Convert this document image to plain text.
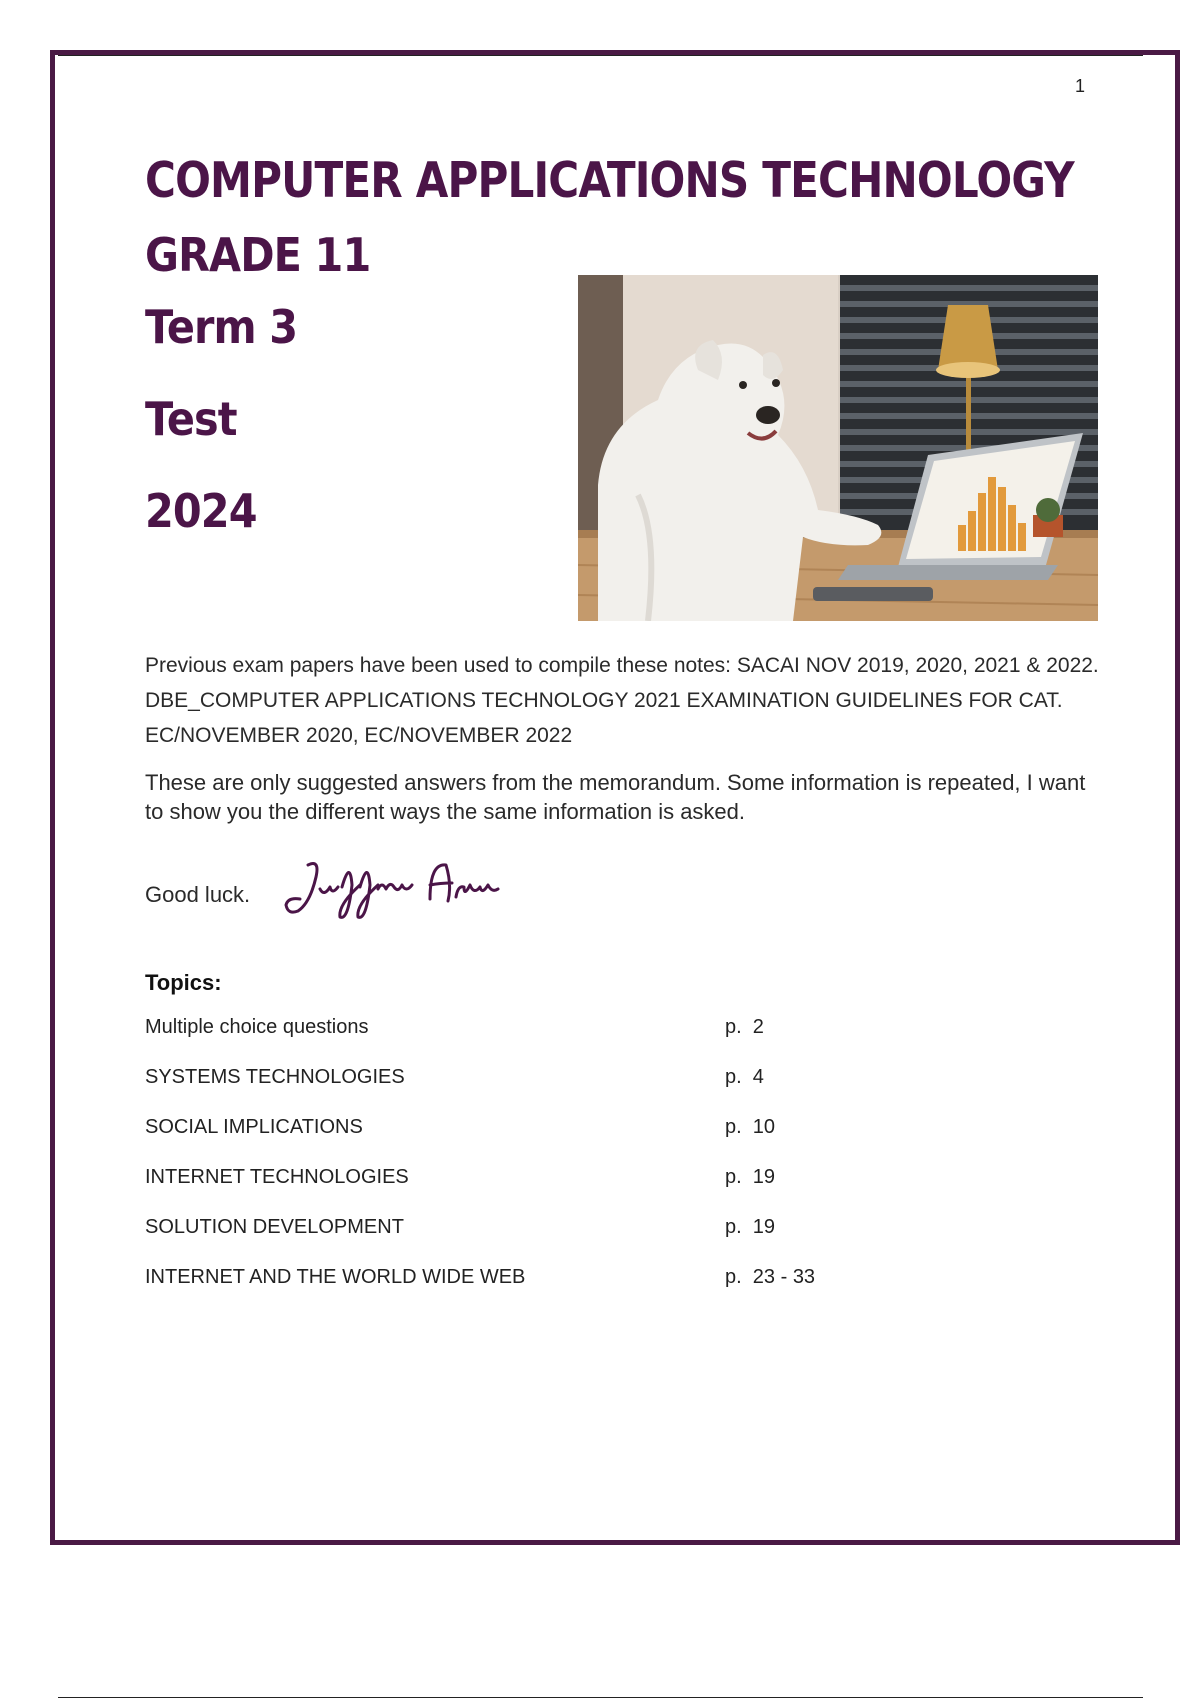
1
COMPUTER APPLICATIONS TECHNOLOGY
GRADE 11
Term 3
Test
2024
Previous exam papers have been used to compile these notes: SACAI NOV 2019, 2020, 2021 & 2022. DBE_COMPUTER APPLICATIONS TECHNOLOGY 2021 EXAMINATION GUIDELINES FOR CAT. EC/NOVEMBER 2020, EC/NOVEMBER 2022
These are only suggested answers from the memorandum. Some information is repeated, I want to show you the different ways the same information is asked.
Good luck.
Topics:
Multiple choice questions	p.  2
SYSTEMS TECHNOLOGIES	p.  4
SOCIAL IMPLICATIONS	p.  10
INTERNET TECHNOLOGIES	p.  19
SOLUTION DEVELOPMENT	p.  19
INTERNET AND THE WORLD WIDE WEB	p.  23 - 33
